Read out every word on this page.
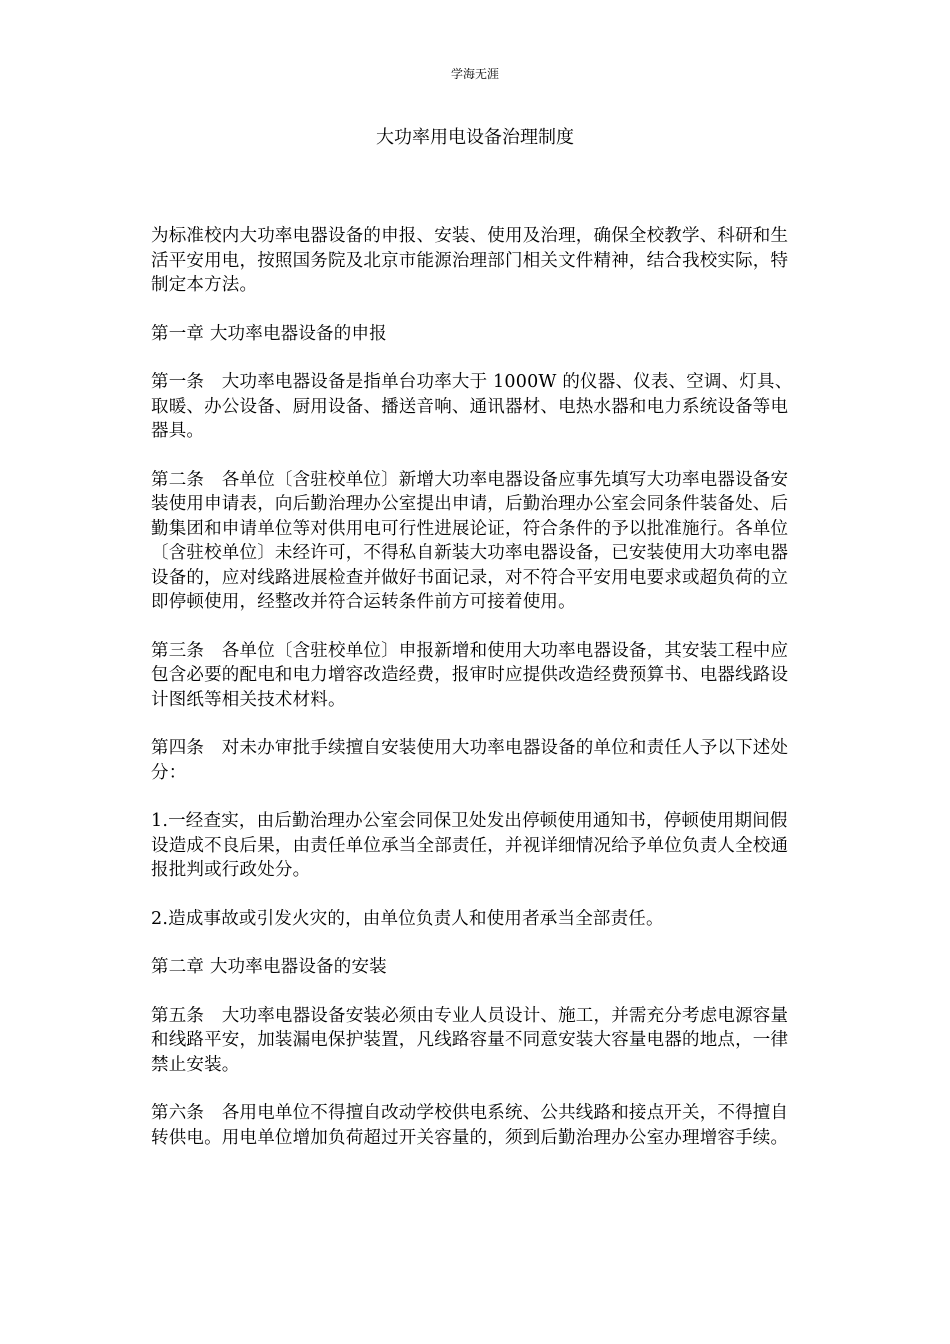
学海无涯
大功率用电设备治理制度

为标准校内大功率电器设备的申报、安装、使用及治理，确保全校教学、科研和生活平安用电，按照国务院及北京市能源治理部门相关文件精神，结合我校实际，特制定本方法。

第一章 大功率电器设备的申报

第一条　大功率电器设备是指单台功率大于 1000W 的仪器、仪表、空调、灯具、取暖、办公设备、厨用设备、播送音响、通讯器材、电热水器和电力系统设备等电器具。

第二条　各单位〔含驻校单位〕新增大功率电器设备应事先填写大功率电器设备安装使用申请表，向后勤治理办公室提出申请，后勤治理办公室会同条件装备处、后勤集团和申请单位等对供用电可行性进展论证，符合条件的予以批准施行。各单位〔含驻校单位〕未经许可，不得私自新装大功率电器设备，已安装使用大功率电器设备的，应对线路进展检查并做好书面记录，对不符合平安用电要求或超负荷的立即停顿使用，经整改并符合运转条件前方可接着使用。

第三条　各单位〔含驻校单位〕申报新增和使用大功率电器设备，其安装工程中应包含必要的配电和电力增容改造经费，报审时应提供改造经费预算书、电器线路设计图纸等相关技术材料。

第四条　对未办审批手续擅自安装使用大功率电器设备的单位和责任人予以下述处分：

1.一经查实，由后勤治理办公室会同保卫处发出停顿使用通知书，停顿使用期间假设造成不良后果，由责任单位承当全部责任，并视详细情况给予单位负责人全校通报批判或行政处分。

2.造成事故或引发火灾的，由单位负责人和使用者承当全部责任。

第二章 大功率电器设备的安装

第五条　大功率电器设备安装必须由专业人员设计、施工，并需充分考虑电源容量和线路平安，加装漏电保护装置，凡线路容量不同意安装大容量电器的地点，一律禁止安装。

第六条　各用电单位不得擅自改动学校供电系统、公共线路和接点开关，不得擅自转供电。用电单位增加负荷超过开关容量的，须到后勤治理办公室办理增容手续。
